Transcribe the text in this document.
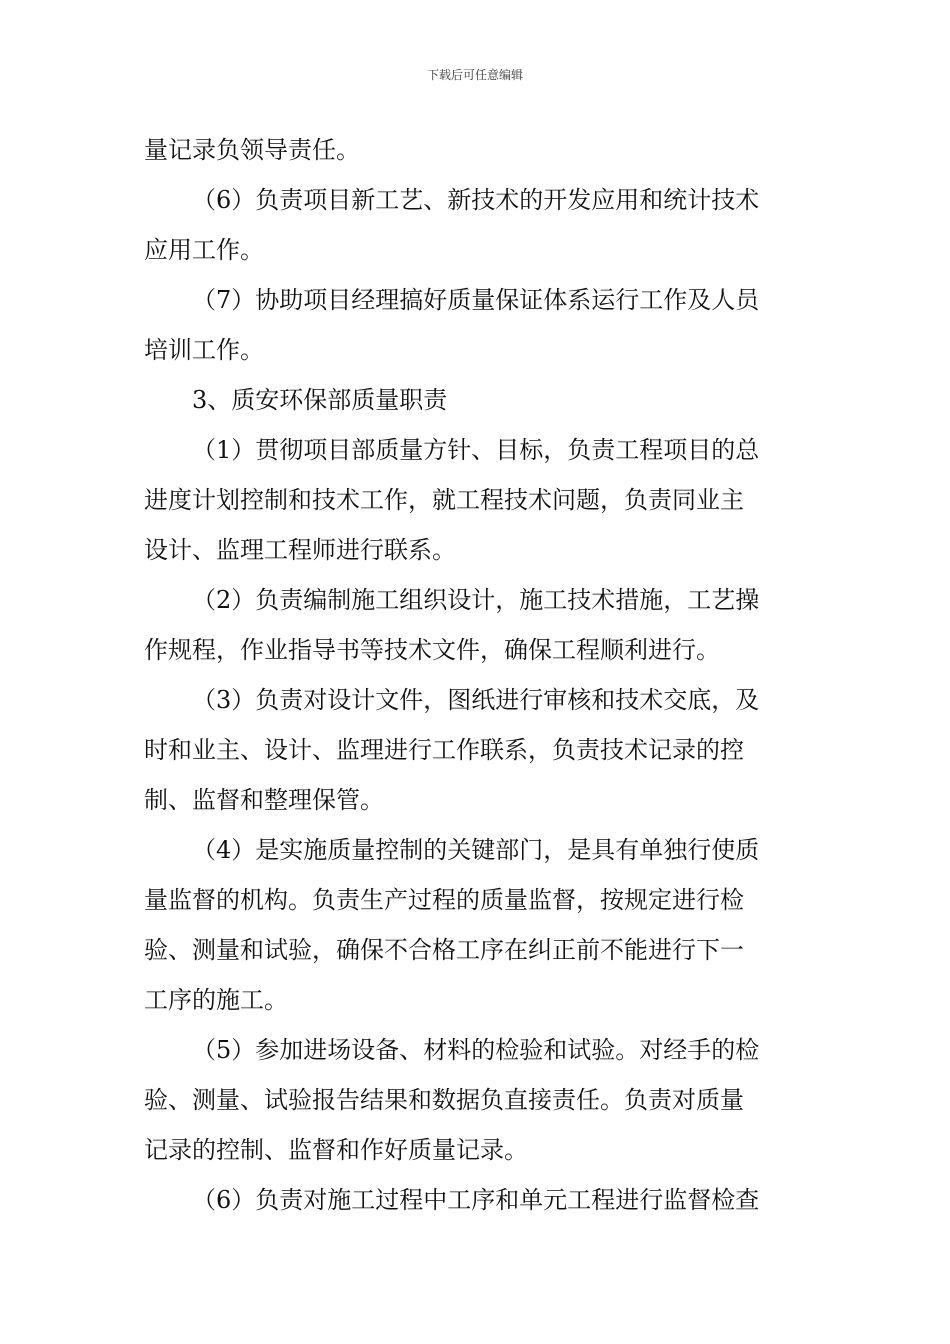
下载后可任意编辑
量记录负领导责任。
（6）负责项目新工艺、新技术的开发应用和统计技术
应用工作。
（7）协助项目经理搞好质量保证体系运行工作及人员
培训工作。
3、质安环保部质量职责
（1）贯彻项目部质量方针、目标，负责工程项目的总
进度计划控制和技术工作，就工程技术问题，负责同业主
设计、监理工程师进行联系。
（2）负责编制施工组织设计，施工技术措施，工艺操
作规程，作业指导书等技术文件，确保工程顺利进行。
（3）负责对设计文件，图纸进行审核和技术交底，及
时和业主、设计、监理进行工作联系，负责技术记录的控
制、监督和整理保管。
（4）是实施质量控制的关键部门，是具有单独行使质
量监督的机构。负责生产过程的质量监督，按规定进行检
验、测量和试验，确保不合格工序在纠正前不能进行下一
工序的施工。
（5）参加进场设备、材料的检验和试验。对经手的检
验、测量、试验报告结果和数据负直接责任。负责对质量
记录的控制、监督和作好质量记录。
（6）负责对施工过程中工序和单元工程进行监督检查
